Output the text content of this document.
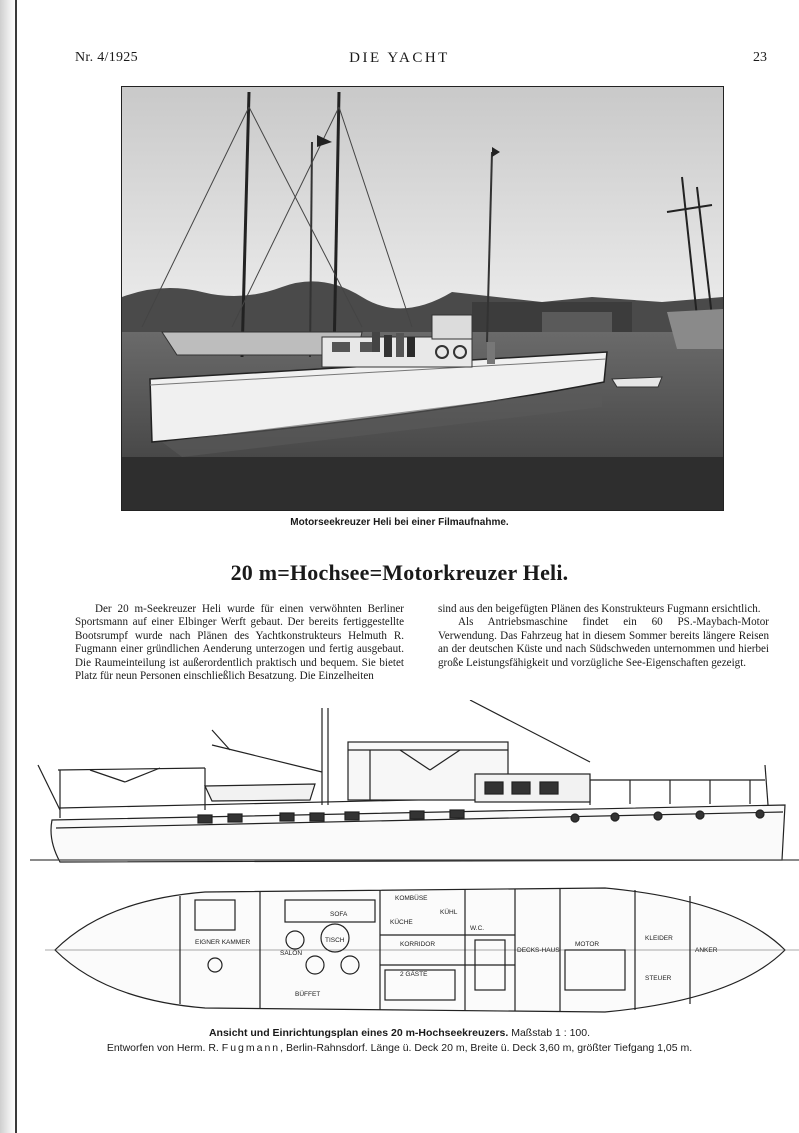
Nr. 4/1925	DIE YACHT	23
Motorseekreuzer Heli bei einer Filmaufnahme.
20 m=Hochsee=Motorkreuzer Heli.

Der 20 m-Seekreuzer Heli wurde für einen verwöhnten Berliner Sportsmann auf einer Elbinger Werft gebaut. Der bereits fertiggestellte Bootsrumpf wurde nach Plänen des Yachtkonstrukteurs Helmuth R. Fugmann einer gründlichen Aenderung unterzogen und fertig ausgebaut. Die Raumeinteilung ist außerordentlich praktisch und bequem. Sie bietet Platz für neun Personen einschließlich Besatzung. Die Einzelheiten

sind aus den beigefügten Plänen des Konstrukteurs Fugmann ersichtlich.

Als Antriebsmaschine findet ein 60 PS.-Maybach-Motor Verwendung. Das Fahrzeug hat in diesem Sommer bereits längere Reisen an der deutschen Küste und nach Südschweden unternommen und hierbei große Leistungsfähigkeit und vorzügliche See-Eigenschaften gezeigt.

SOFA
TISCH
EIGNER KAMMER
SALON
KOMBÜSE
KÜCHE
KÜHL
KORRIDOR
2 GÄSTE
W.C.
DECKS-HAUS
MOTOR
KLEIDER
ANKER
BÜFFET
STEUER
Ansicht und Einrichtungsplan eines 20 m-Hochseekreuzers. Maßstab 1 : 100.
Entworfen von Herm. R. Fugmann, Berlin-Rahnsdorf. Länge ü. Deck 20 m, Breite ü. Deck 3,60 m, größter Tiefgang 1,05 m.
